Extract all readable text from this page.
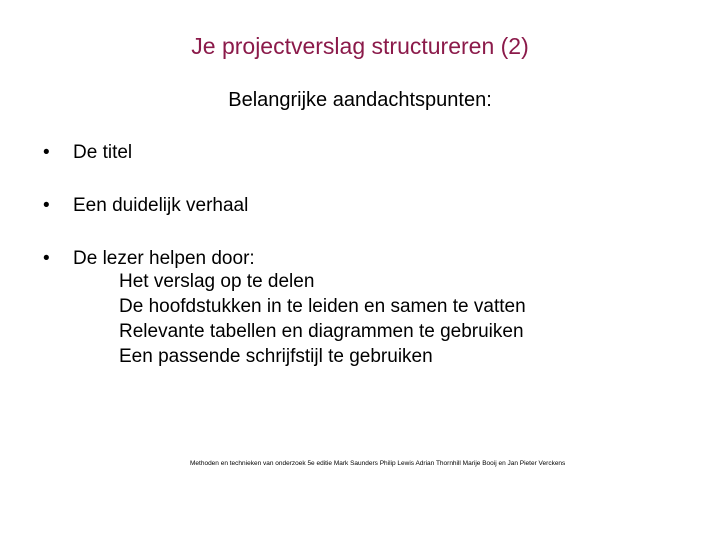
Je projectverslag structureren (2)
Belangrijke aandachtspunten:
•	De titel
•	Een duidelijk verhaal
•	De lezer helpen door:
Het verslag op te delen
De hoofdstukken in te leiden en samen te vatten
Relevante tabellen en diagrammen te gebruiken
Een passende schrijfstijl te gebruiken
Methoden en technieken van onderzoek 5e editie Mark Saunders Philip Lewis Adrian Thornhill Marije Booij en Jan Pieter Verckens
